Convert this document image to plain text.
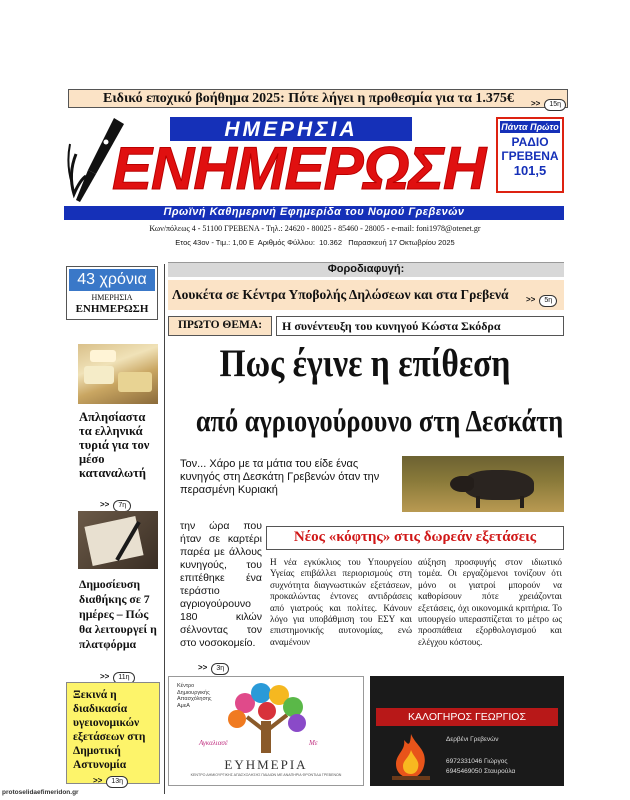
Ειδικό εποχικό βοήθημα 2025: Πότε λήγει η προθεσμία για τα 1.375€ >> 15η
ΗΜΕΡΗΣΙΑ
ΕΝΗΜΕΡΩΣΗ
Πάντα Πρώτο
ΡΑΔΙΟ
ΓΡΕΒΕΝΑ
101,5
Πρωϊνή Καθημερινή Εφημερίδα του Νομού Γρεβενών
Κων/πόλεως 4 - 51100 ΓΡΕΒΕΝΑ - Τηλ.: 24620 - 80025 - 85460 - 28005 - e-mail: foni1978@otenet.gr
Ετος 43ον - Τιμ.: 1,00 Ε  Αριθμός Φύλλου:  10.362   Παρασκευή 17 Οκτωβρίου 2025
43 χρόνια
ΗΜΕΡΗΣΙΑ
ΕΝΗΜΕΡΩΣΗ
Απλησίαστα τα ελληνικά τυριά για τον μέσο καταναλωτή
>> 7η
Δημοσίευση διαθήκης σε 7 ημέρες – Πώς θα λειτουργεί η πλατφόρμα
>> 11η
Ξεκινά η διαδικασία υγειονομικών εξετάσεων στη Δημοτική Αστυνομία
>> 13η
Φοροδιαφυγή:
Λουκέτα σε Κέντρα Υποβολής Δηλώσεων και στα Γρεβενά >> 5η
ΠΡΩΤΟ ΘΕΜΑ:	Η συνέντευξη του κυνηγού Κώστα Σκόδρα
Πως έγινε η επίθεση
από αγριογούρουνο στη Δεσκάτη
Τον... Χάρο με τα μάτια του είδε ένας κυνηγός στη Δεσκάτη Γρεβενών όταν την περασμένη Κυριακή
την ώρα που ήταν σε καρτέρι παρέα με άλλους κυνηγούς, του επιτέθηκε ένα τεράστιο αγριογούρουνο 180 κιλών σέλνοντας τον στο νοσοκομείο.
>> 3η
Νέος «κόφτης» στις δωρεάν εξετάσεις
Η νέα εγκύκλιος του Υπουργείου Υγείας επιβάλλει περιορισμούς στη συχνότητα διαγνωστικών εξετάσεων, προκαλώντας έντονες αντιδράσεις από γιατρούς και πολίτες. Κάνουν λόγο για υποβάθμιση του ΕΣΥ και επιστημονικής αυτονομίας, ενώ αναμένουν
αύξηση προσφυγής στον ιδιωτικό τομέα. Οι εργαζόμενοι τονίζουν ότι μόνο οι γιατροί μπορούν να καθορίσουν πότε χρειάζονται εξετάσεις, όχι οικονομικά κριτήρια. Το υπουργείο υπερασπίζεται το μέτρο ως προσπάθεια εξορθολογισμού και ελέγχου κόστους.
Κέντρο
Δημιουργικής
Απασχόλησης
ΑμεΑ
Αγκαλιασέ	Με
ΕΥΗΜΕΡΙΑ
ΚΕΝΤΡΟ ΔΗΜΙΟΥΡΓΙΚΗΣ ΑΠΑΣΧΟΛΗΣΗΣ ΠΑΙΔΙΩΝ ΜΕ ΑΝΑΠΗΡΙΑ ΦΡΟΝΤΙΔΑ ΓΡΕΒΕΝΩΝ
ΚΑΛΟΓΗΡΟΣ ΓΕΩΡΓΙΟΣ
Δερβένι Γρεβενών
6972331046 Γιώργος
6945469050 Σταυρούλα
protoselidaefimeridon.gr
